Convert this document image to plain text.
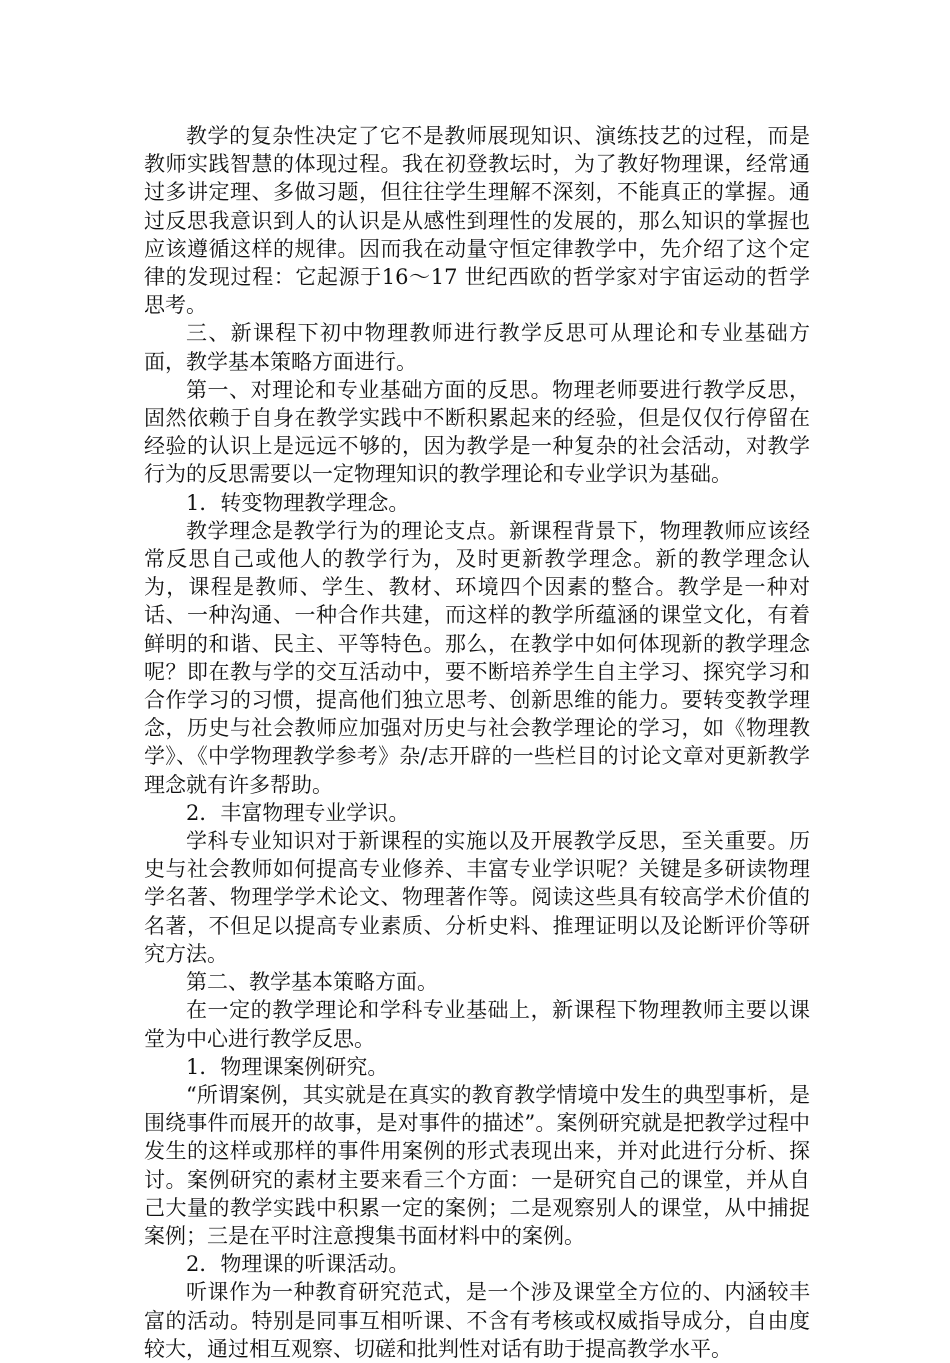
教学的复杂性决定了它不是教师展现知识、演练技艺的过程，而是教师实践智慧的体现过程。我在初登教坛时，为了教好物理课，经常通过多讲定理、多做习题，但往往学生理解不深刻，不能真正的掌握。通过反思我意识到人的认识是从感性到理性的发展的，那么知识的掌握也应该遵循这样的规律。因而我在动量守恒定律教学中，先介绍了这个定律的发现过程：它起源于16～17 世纪西欧的哲学家对宇宙运动的哲学思考。

三、新课程下初中物理教师进行教学反思可从理论和专业基础方面，教学基本策略方面进行。

第一、对理论和专业基础方面的反思。物理老师要进行教学反思，固然依赖于自身在教学实践中不断积累起来的经验，但是仅仅行停留在经验的认识上是远远不够的，因为教学是一种复杂的社会活动，对教学行为的反思需要以一定物理知识的教学理论和专业学识为基础。

1．转变物理教学理念。

教学理念是教学行为的理论支点。新课程背景下，物理教师应该经常反思自己或他人的教学行为，及时更新教学理念。新的教学理念认为，课程是教师、学生、教材、环境四个因素的整合。教学是一种对话、一种沟通、一种合作共建，而这样的教学所蕴涵的课堂文化，有着鲜明的和谐、民主、平等特色。那么，在教学中如何体现新的教学理念呢？即在教与学的交互活动中，要不断培养学生自主学习、探究学习和合作学习的习惯，提高他们独立思考、创新思维的能力。要转变教学理念，历史与社会教师应加强对历史与社会教学理论的学习，如《物理教学》、《中学物理教学参考》杂/志开辟的一些栏目的讨论文章对更新教学理念就有许多帮助。

2．丰富物理专业学识。

学科专业知识对于新课程的实施以及开展教学反思，至关重要。历史与社会教师如何提高专业修养、丰富专业学识呢？关键是多研读物理学名著、物理学学术论文、物理著作等。阅读这些具有较高学术价值的名著，不但足以提高专业素质、分析史料、推理证明以及论断评价等研究方法。

第二、教学基本策略方面。

在一定的教学理论和学科专业基础上，新课程下物理教师主要以课堂为中心进行教学反思。

1．物理课案例研究。

“所谓案例，其实就是在真实的教育教学情境中发生的典型事析，是围绕事件而展开的故事，是对事件的描述”。案例研究就是把教学过程中发生的这样或那样的事件用案例的形式表现出来，并对此进行分析、探讨。案例研究的素材主要来看三个方面：一是研究自己的课堂，并从自己大量的教学实践中积累一定的案例；二是观察别人的课堂，从中捕捉案例；三是在平时注意搜集书面材料中的案例。

2．物理课的听课活动。

听课作为一种教育研究范式，是一个涉及课堂全方位的、内涵较丰富的活动。特别是同事互相听课、不含有考核或权威指导成分，自由度较大，通过相互观察、切磋和批判性对话有助于提高教学水平。
